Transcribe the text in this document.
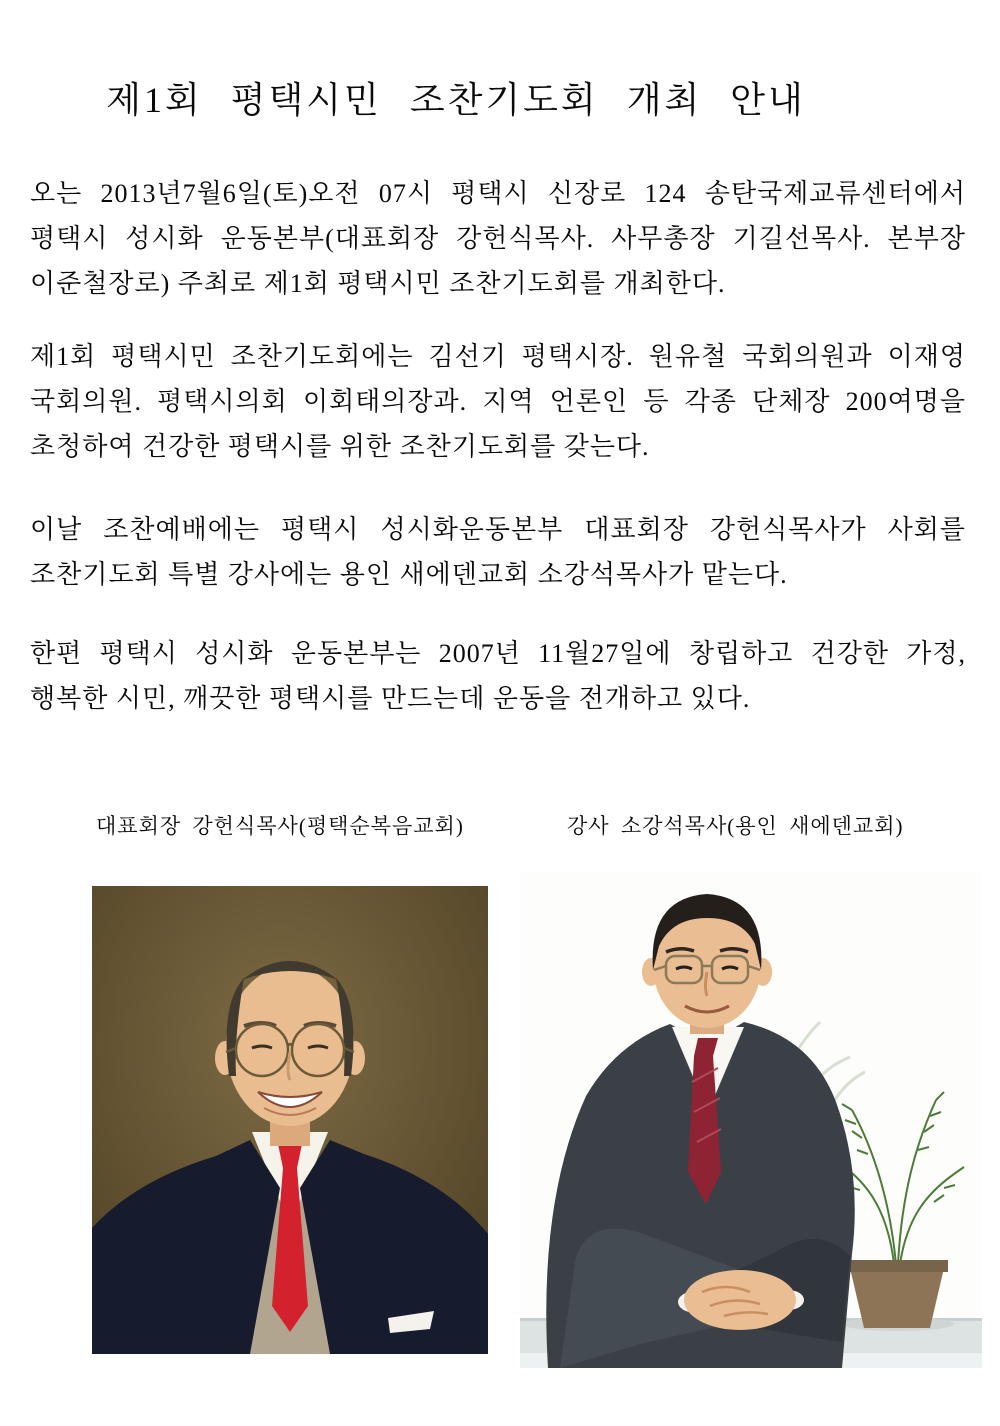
제1회 평택시민 조찬기도회 개최 안내
오는 2013년7월6일(토)오전 07시 평택시 신장로 124 송탄국제교류센터에서
평택시 성시화 운동본부(대표회장 강헌식목사. 사무총장 기길선목사. 본부장
이준철장로) 주최로 제1회 평택시민 조찬기도회를 개최한다.
제1회 평택시민 조찬기도회에는 김선기 평택시장. 원유철 국회의원과 이재영
국회의원. 평택시의회 이회태의장과. 지역 언론인 등 각종 단체장 200여명을
초청하여 건강한 평택시를 위한 조찬기도회를 갖는다.
이날 조찬예배에는 평택시 성시화운동본부 대표회장 강헌식목사가 사회를
조찬기도회 특별 강사에는 용인 새에덴교회 소강석목사가 맡는다.
한편 평택시 성시화 운동본부는 2007년 11월27일에 창립하고 건강한 가정,
행복한 시민, 깨끗한 평택시를 만드는데 운동을 전개하고 있다.
대표회장 강헌식목사(평택순복음교회)	강사 소강석목사(용인 새에덴교회)
